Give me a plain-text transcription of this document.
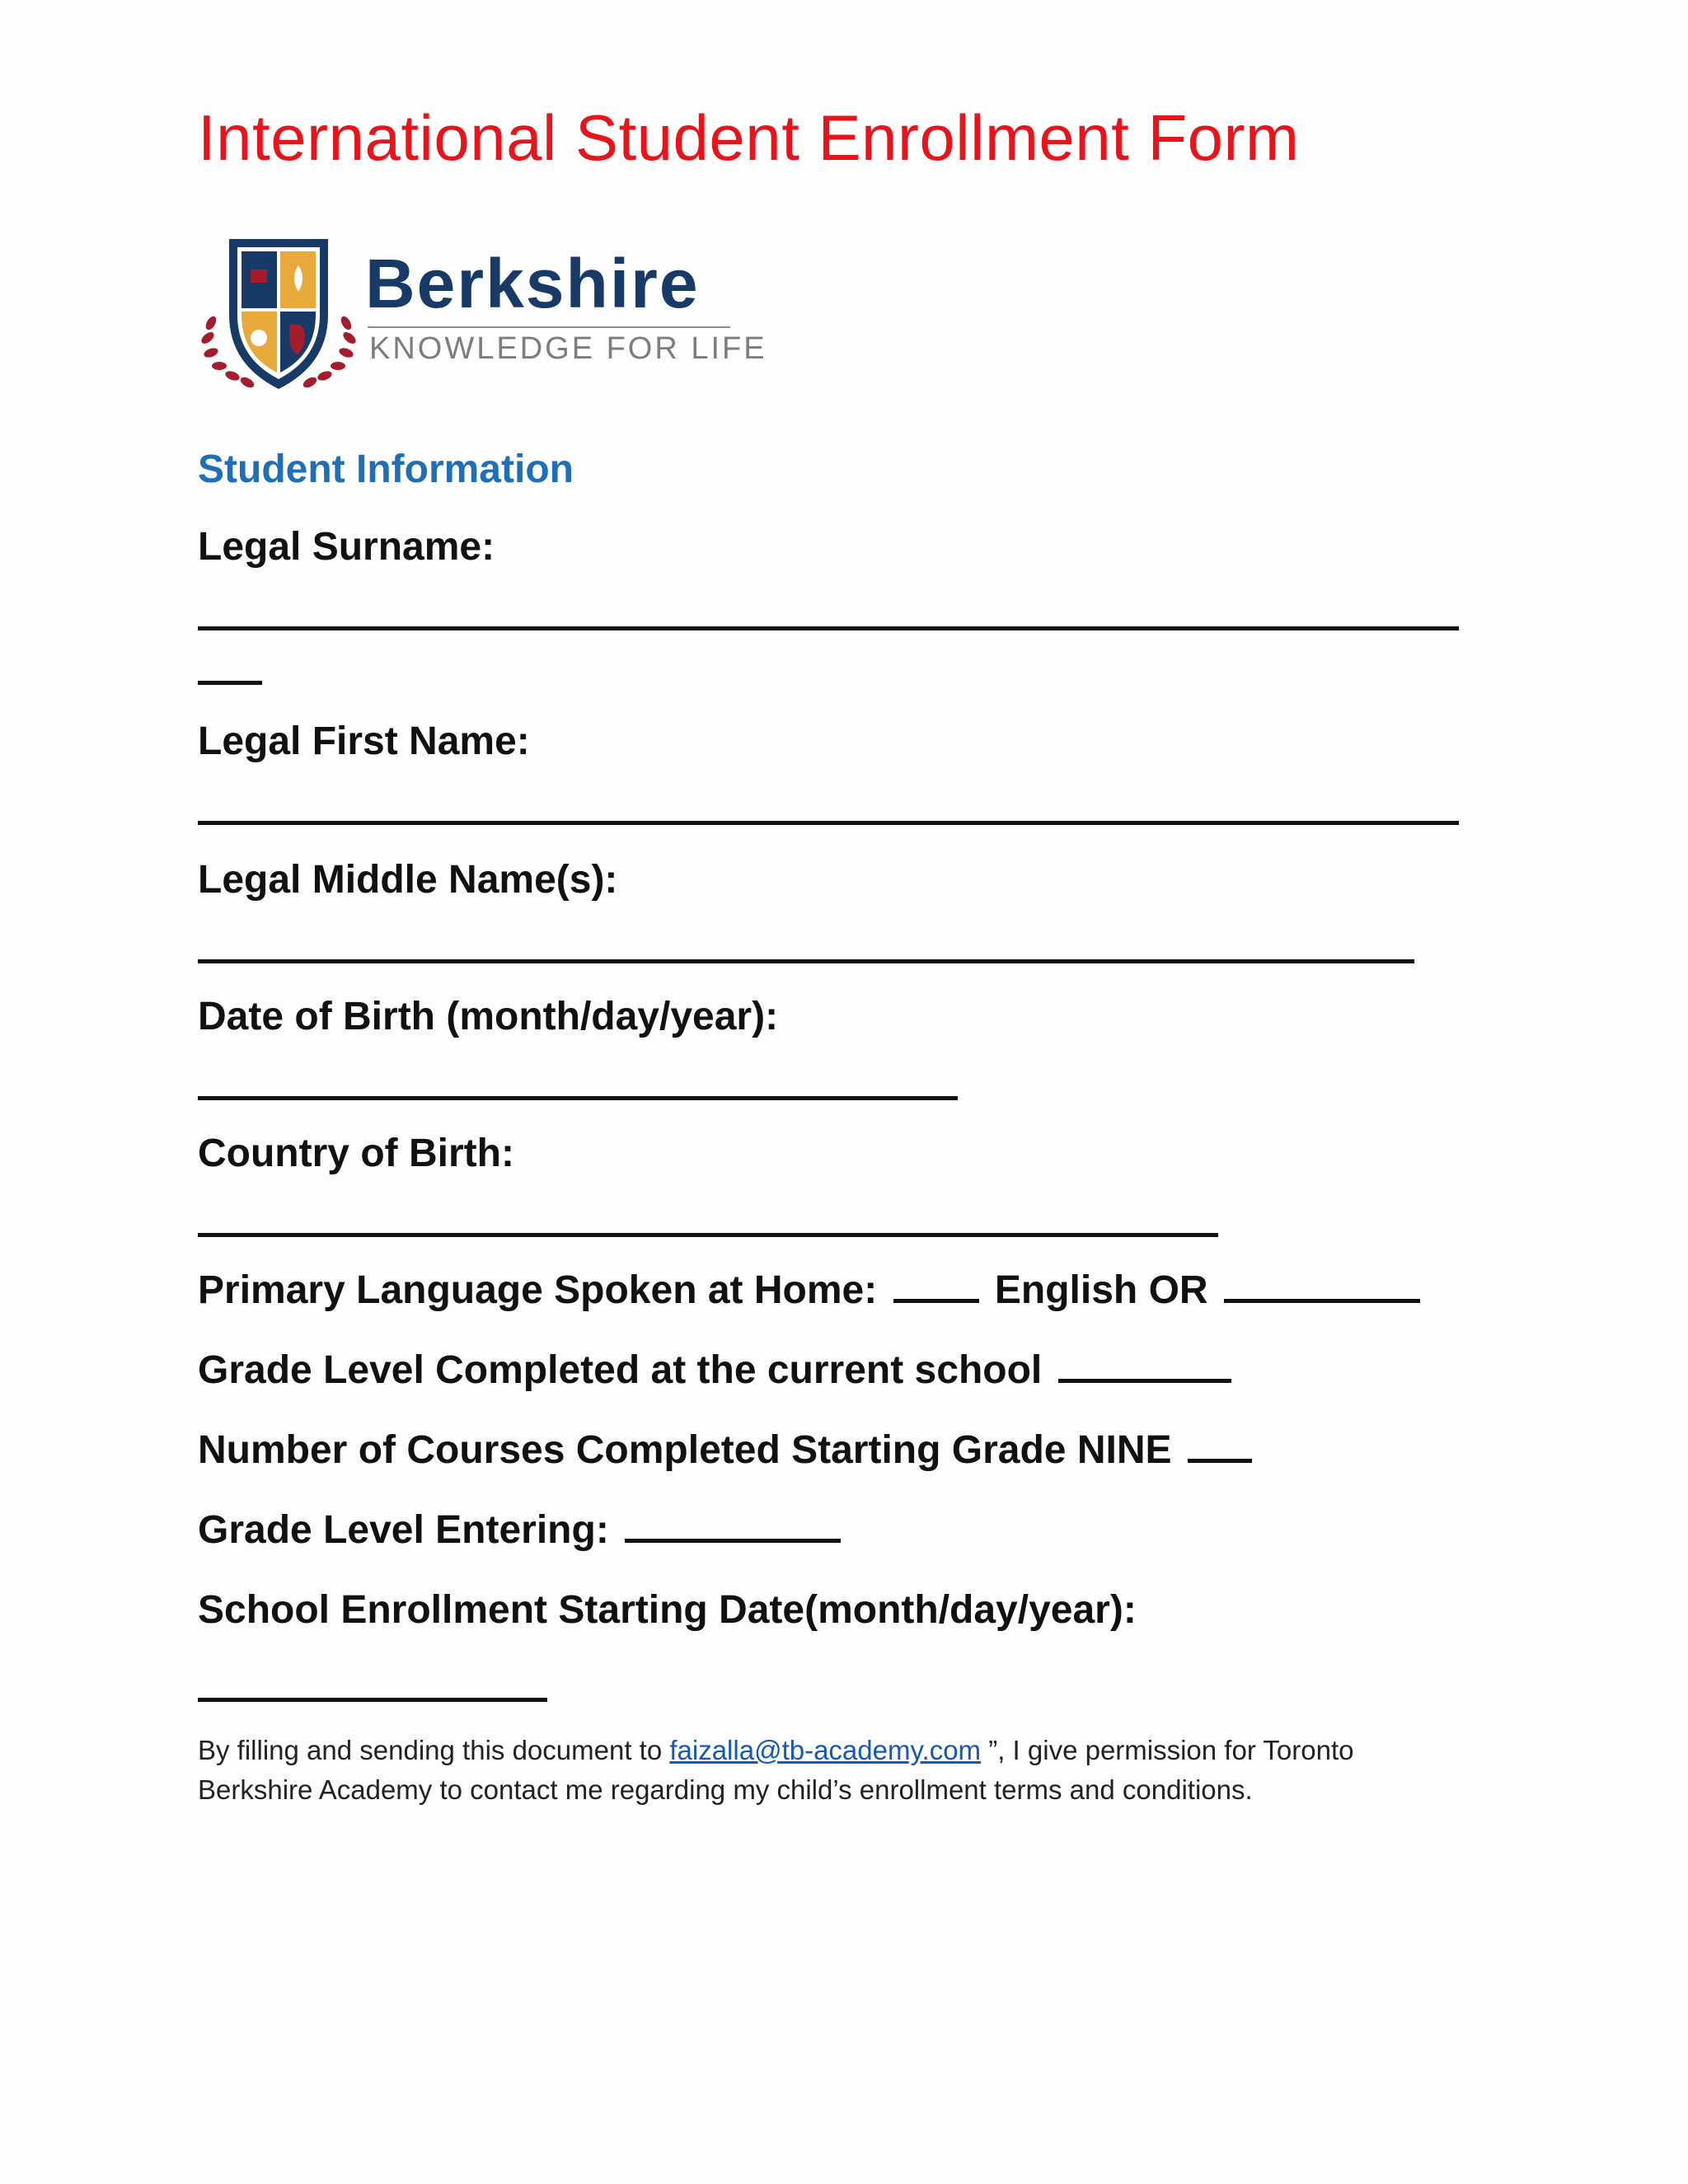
International Student Enrollment Form
Berkshire
KNOWLEDGE FOR LIFE
Student Information
Legal Surname:
Legal First Name:
Legal Middle Name(s):
Date of Birth (month/day/year):
Country of Birth:
Primary Language Spoken at Home:	English OR
Grade Level Completed at the current school
Number of Courses Completed Starting Grade NINE
Grade Level Entering:
School Enrollment Starting Date(month/day/year):
By filling and sending this document to faizalla@tb-academy.com ”, I give permission for Toronto Berkshire Academy to contact me regarding my child’s enrollment terms and conditions.
